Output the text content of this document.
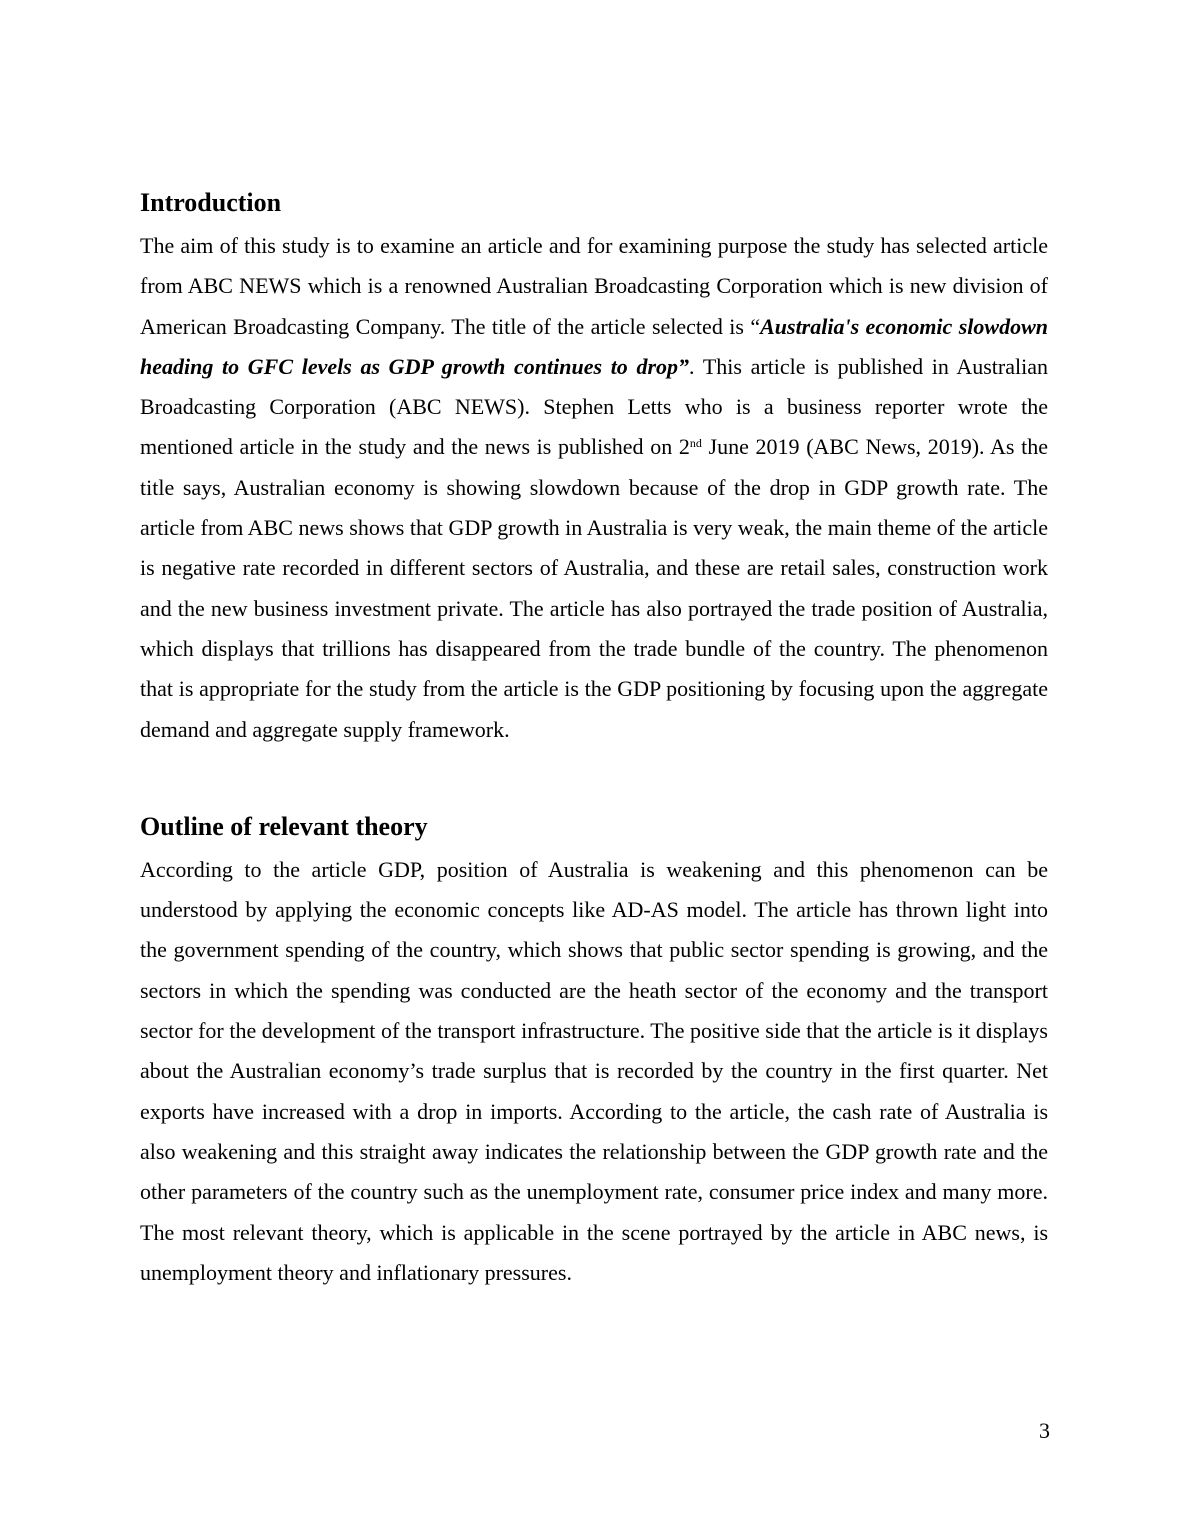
Introduction

The aim of this study is to examine an article and for examining purpose the study has selected article from ABC NEWS which is a renowned Australian Broadcasting Corporation which is new division of American Broadcasting Company. The title of the article selected is “Australia's economic slowdown heading to GFC levels as GDP growth continues to drop”. This article is published in Australian Broadcasting Corporation (ABC NEWS). Stephen Letts who is a business reporter wrote the mentioned article in the study and the news is published on 2nd June 2019 (ABC News, 2019). As the title says, Australian economy is showing slowdown because of the drop in GDP growth rate. The article from ABC news shows that GDP growth in Australia is very weak, the main theme of the article is negative rate recorded in different sectors of Australia, and these are retail sales, construction work and the new business investment private. The article has also portrayed the trade position of Australia, which displays that trillions has disappeared from the trade bundle of the country. The phenomenon that is appropriate for the study from the article is the GDP positioning by focusing upon the aggregate demand and aggregate supply framework.

Outline of relevant theory

According to the article GDP, position of Australia is weakening and this phenomenon can be understood by applying the economic concepts like AD-AS model. The article has thrown light into the government spending of the country, which shows that public sector spending is growing, and the sectors in which the spending was conducted are the heath sector of the economy and the transport sector for the development of the transport infrastructure. The positive side that the article is it displays about the Australian economy’s trade surplus that is recorded by the country in the first quarter. Net exports have increased with a drop in imports. According to the article, the cash rate of Australia is also weakening and this straight away indicates the relationship between the GDP growth rate and the other parameters of the country such as the unemployment rate, consumer price index and many more. The most relevant theory, which is applicable in the scene portrayed by the article in ABC news, is unemployment theory and inflationary pressures.

3
